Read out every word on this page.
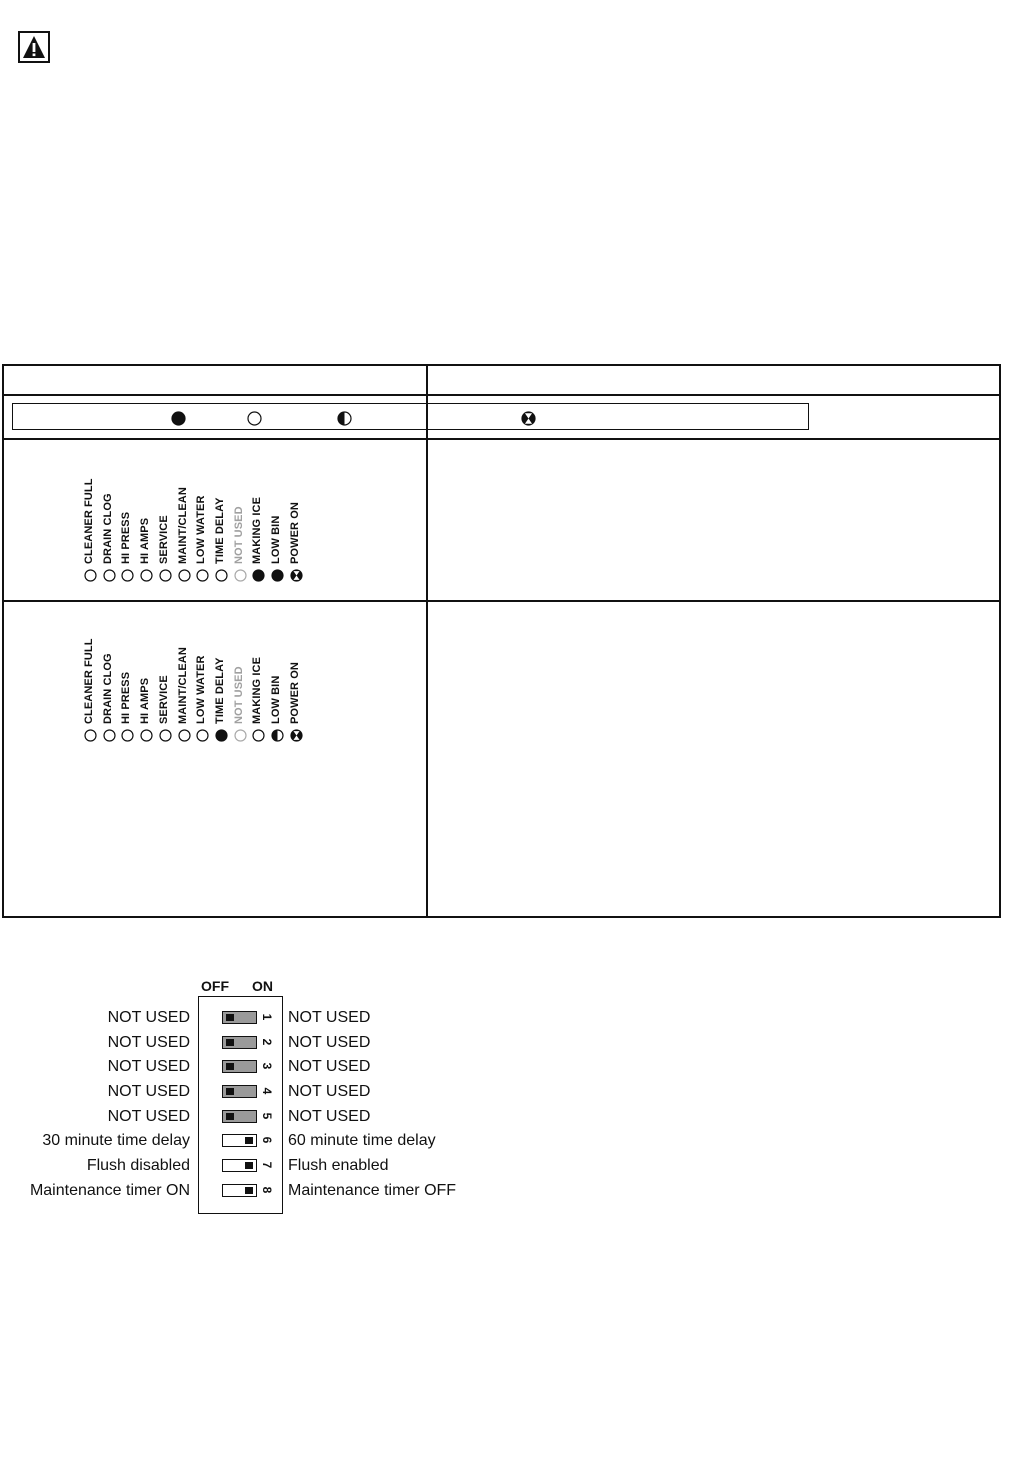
CLEANER FULL DRAIN CLOG HI PRESS HI AMPS SERVICE MAINT/CLEAN LOW WATER TIME DELAY NOT USED MAKING ICE LOW BIN POWER ON
CLEANER FULL DRAIN CLOG HI PRESS HI AMPS SERVICE MAINT/CLEAN LOW WATER TIME DELAY NOT USED MAKING ICE LOW BIN POWER ON
OFF ON
NOT USED	1 NOT USED
NOT USED	2 NOT USED
NOT USED	3 NOT USED
NOT USED	4 NOT USED
NOT USED	5 NOT USED
30 minute time delay	6 60 minute time delay
Flush disabled	7 Flush enabled
Maintenance timer ON	8 Maintenance timer OFF
